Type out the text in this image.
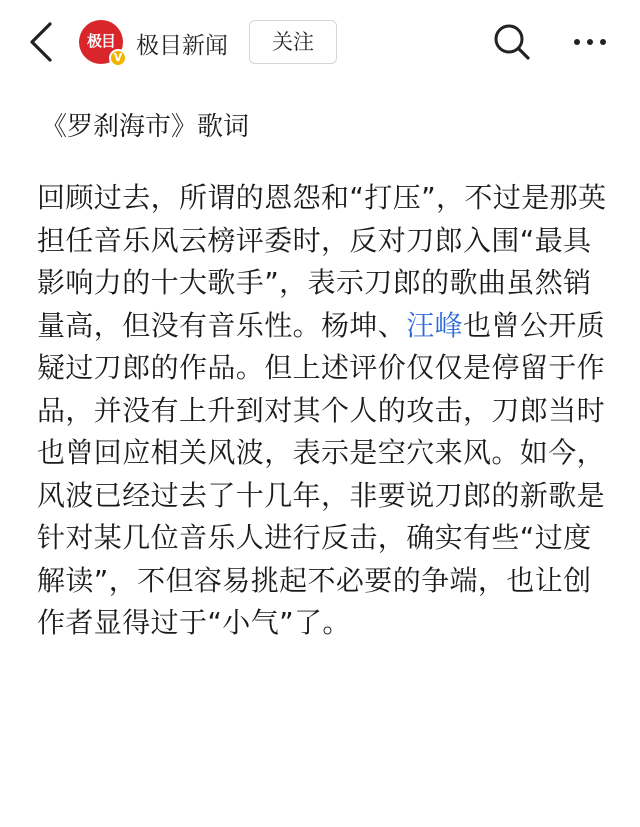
极目
V 极目新闻	关注
《罗刹海市》歌词

回顾过去，所谓的恩怨和“打压”，不过是那英担任音乐风云榜评委时，反对刀郎入围“最具影响力的十大歌手”，表示刀郎的歌曲虽然销量高，但没有音乐性。杨坤、汪峰也曾公开质疑过刀郎的作品。但上述评价仅仅是停留于作品，并没有上升到对其个人的攻击，刀郎当时也曾回应相关风波，表示是空穴来风。如今，风波已经过去了十几年，非要说刀郎的新歌是针对某几位音乐人进行反击，确实有些“过度解读”，不但容易挑起不必要的争端，也让创作者显得过于“小气”了。
